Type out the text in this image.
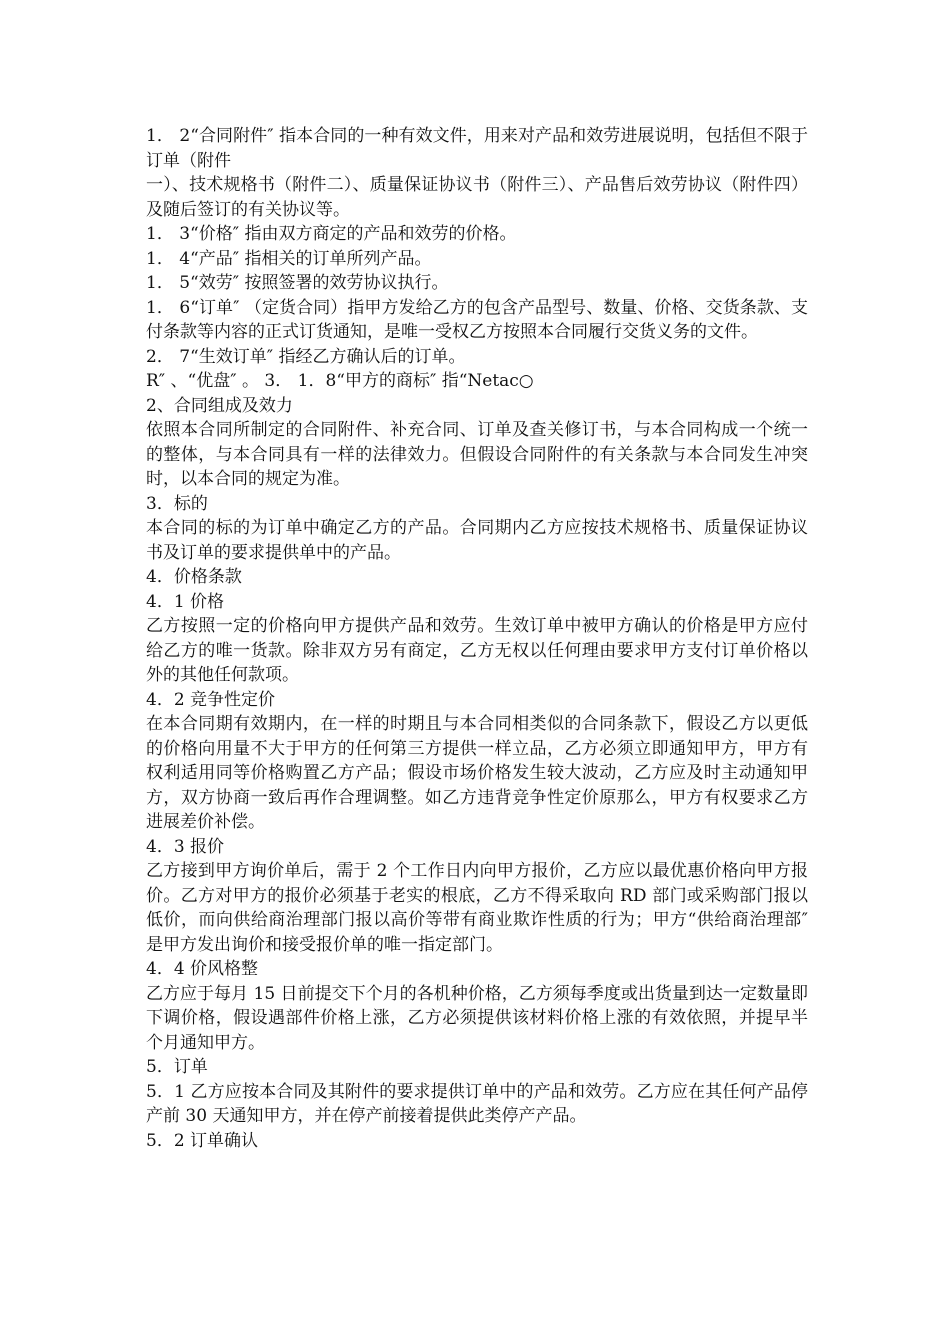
1． 2“合同附件″ 指本合同的一种有效文件，用来对产品和效劳进展说明，包括但不限于订单（附件

一）、技术规格书（附件二）、质量保证协议书（附件三）、产品售后效劳协议（附件四）及随后签订的有关协议等。

1． 3“价格″ 指由双方商定的产品和效劳的价格。

1． 4“产品″ 指相关的订单所列产品。

1． 5“效劳″ 按照签署的效劳协议执行。

1． 6“订单″ （定货合同）指甲方发给乙方的包含产品型号、数量、价格、交货条款、支付条款等内容的正式订货通知，是唯一受权乙方按照本合同履行交货义务的文件。

2． 7“生效订单″ 指经乙方确认后的订单。

R″ 、“优盘″ 。 3． 1．8“甲方的商标″ 指“Netac○

2、合同组成及效力

依照本合同所制定的合同附件、补充合同、订单及查关修订书，与本合同构成一个统一的整体，与本合同具有一样的法律效力。但假设合同附件的有关条款与本合同发生冲突时，以本合同的规定为准。

3．标的

本合同的标的为订单中确定乙方的产品。合同期内乙方应按技术规格书、质量保证协议书及订单的要求提供单中的产品。

4．价格条款

4．1 价格

乙方按照一定的价格向甲方提供产品和效劳。生效订单中被甲方确认的价格是甲方应付给乙方的唯一货款。除非双方另有商定，乙方无权以任何理由要求甲方支付订单价格以外的其他任何款项。

4．2 竞争性定价

在本合同期有效期内，在一样的时期且与本合同相类似的合同条款下，假设乙方以更低的价格向用量不大于甲方的任何第三方提供一样立品，乙方必须立即通知甲方，甲方有权利适用同等价格购置乙方产品；假设市场价格发生较大波动，乙方应及时主动通知甲方，双方协商一致后再作合理调整。如乙方违背竞争性定价原那么，甲方有权要求乙方进展差价补偿。

4．3 报价

乙方接到甲方询价单后，需于 2 个工作日内向甲方报价，乙方应以最优惠价格向甲方报价。乙方对甲方的报价必须基于老实的根底，乙方不得采取向 RD 部门或采购部门报以低价，而向供给商治理部门报以高价等带有商业欺诈性质的行为；甲方“供给商治理部″ 是甲方发出询价和接受报价单的唯一指定部门。

4．4 价风格整

乙方应于每月 15 日前提交下个月的各机种价格，乙方须每季度或出货量到达一定数量即下调价格，假设遇部件价格上涨，乙方必须提供该材料价格上涨的有效依照，并提早半个月通知甲方。

5．订单

5．1 乙方应按本合同及其附件的要求提供订单中的产品和效劳。乙方应在其任何产品停产前 30 天通知甲方，并在停产前接着提供此类停产产品。

5．2 订单确认
